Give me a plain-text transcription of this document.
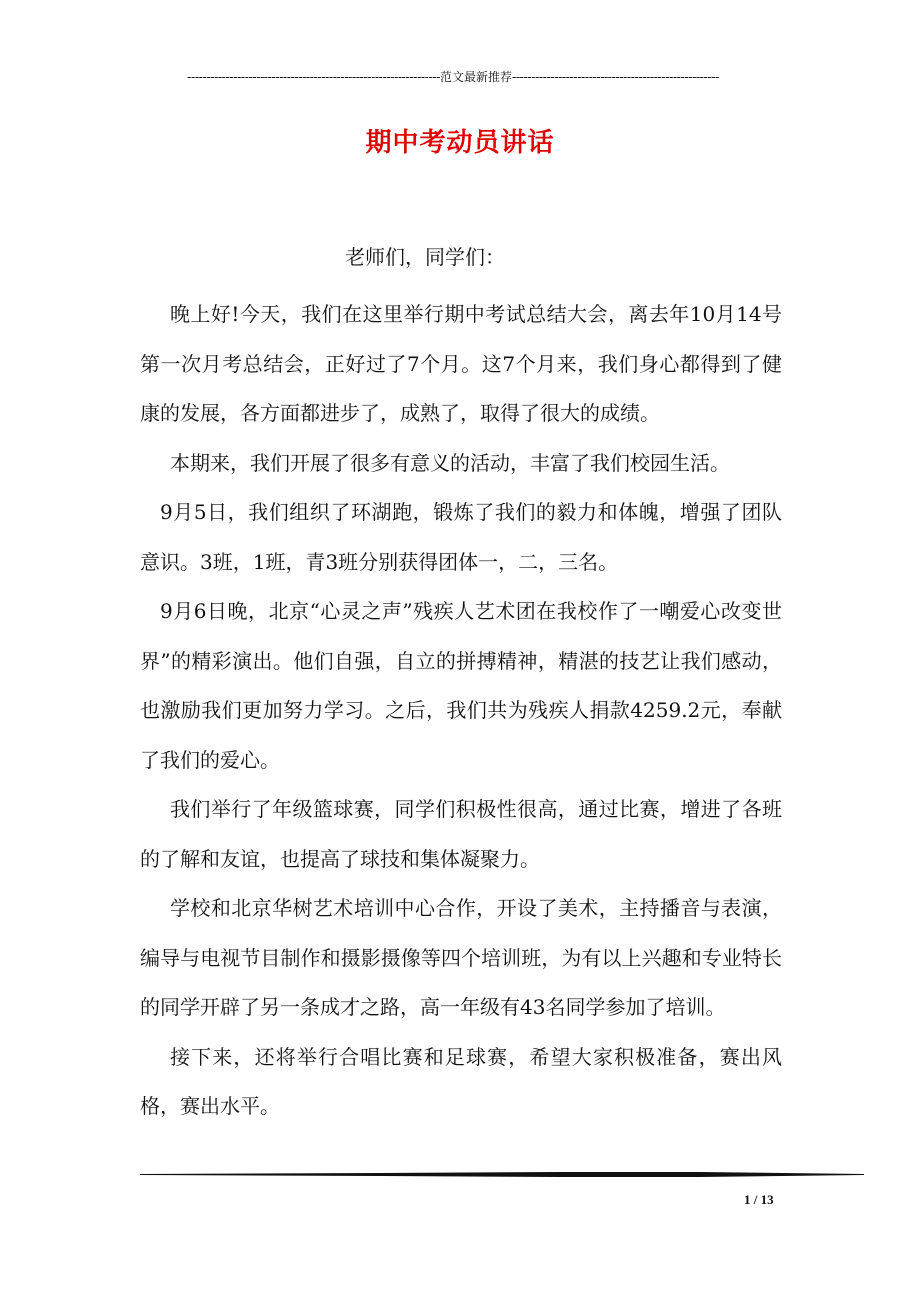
------------------------------------------------------------------范文最新推荐------------------------------------------------------
期中考动员讲话
老师们，同学们：

晚上好!今天，我们在这里举行期中考试总结大会，离去年10月14号第一次月考总结会，正好过了7个月。这7个月来，我们身心都得到了健康的发展，各方面都进步了，成熟了，取得了很大的成绩。

本期来，我们开展了很多有意义的活动，丰富了我们校园生活。

9月5日，我们组织了环湖跑，锻炼了我们的毅力和体魄，增强了团队意识。3班，1班，青3班分别获得团体一，二，三名。

9月6日晚，北京“心灵之声”残疾人艺术团在我校作了一嘲爱心改变世界”的精彩演出。他们自强，自立的拼搏精神，精湛的技艺让我们感动，也激励我们更加努力学习。之后，我们共为残疾人捐款4259.2元，奉献了我们的爱心。

我们举行了年级篮球赛，同学们积极性很高，通过比赛，增进了各班的了解和友谊，也提高了球技和集体凝聚力。

学校和北京华树艺术培训中心合作，开设了美术，主持播音与表演，编导与电视节目制作和摄影摄像等四个培训班，为有以上兴趣和专业特长的同学开辟了另一条成才之路，高一年级有43名同学参加了培训。

接下来，还将举行合唱比赛和足球赛，希望大家积极准备，赛出风格，赛出水平。

1 / 13
